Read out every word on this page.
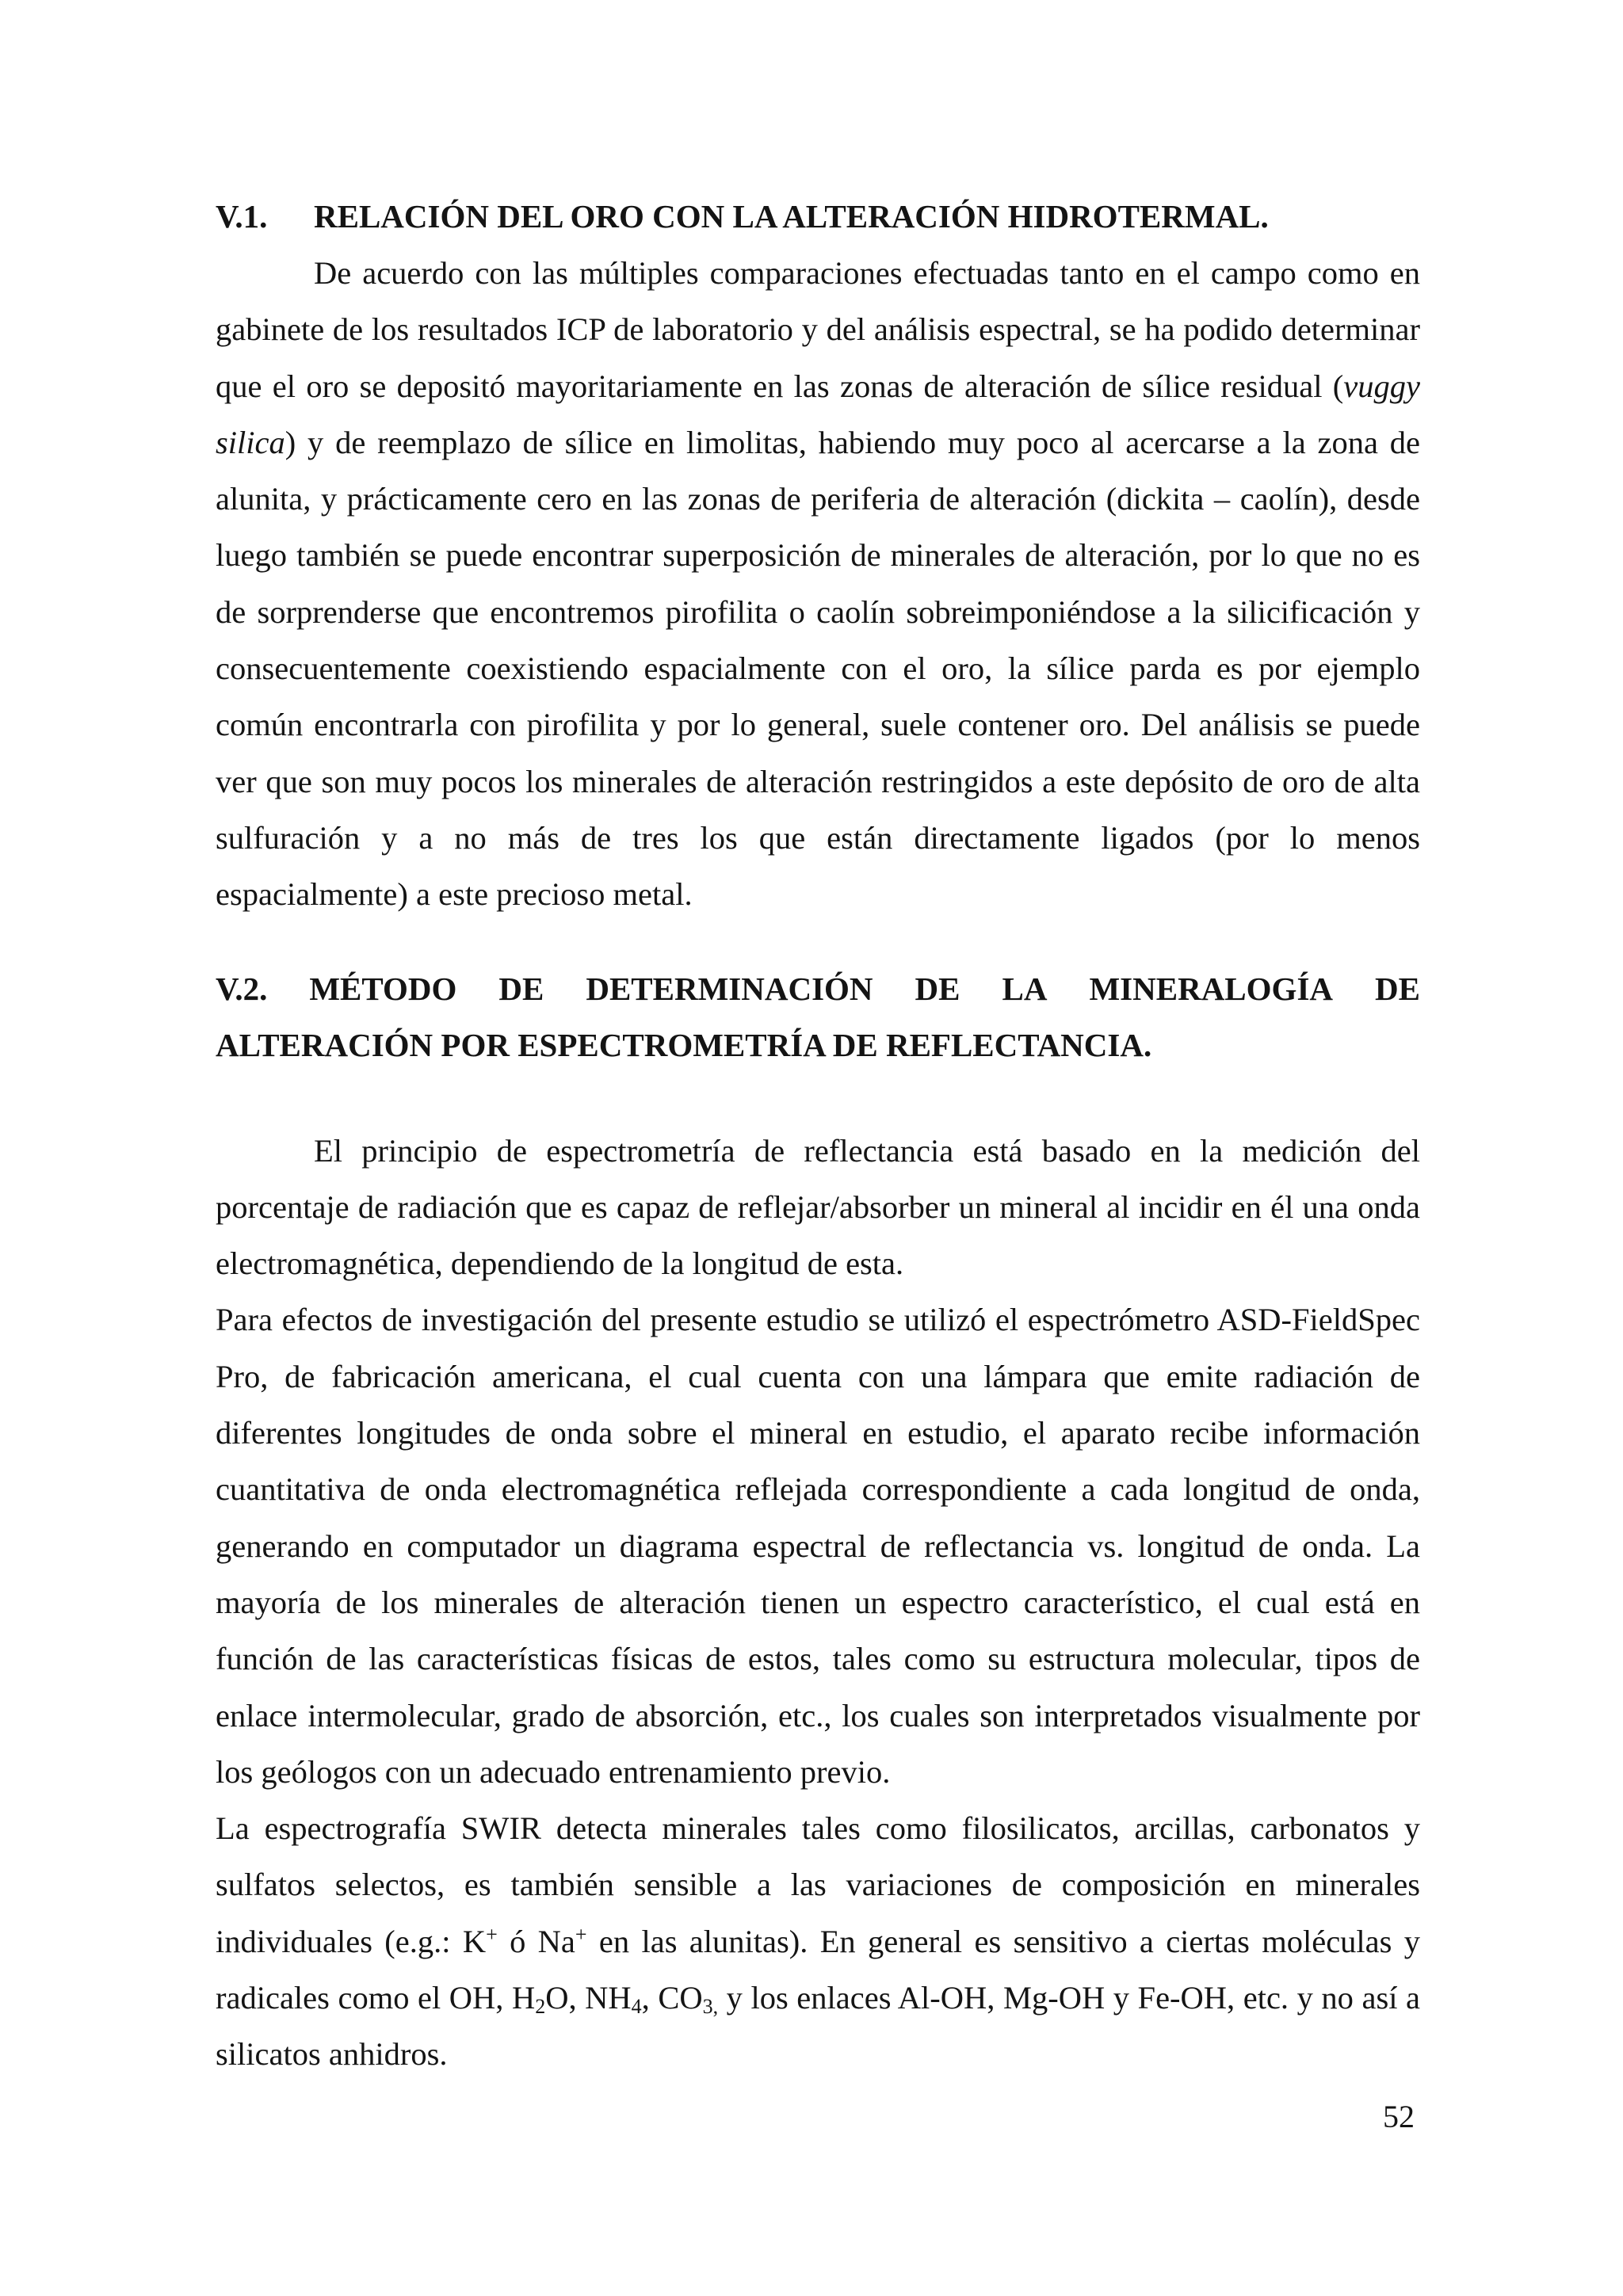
V.1.	RELACIÓN DEL ORO CON LA ALTERACIÓN HIDROTERMAL.

De acuerdo con las múltiples comparaciones efectuadas tanto en el campo como en gabinete de los resultados ICP de laboratorio y del análisis espectral, se ha podido determinar que el oro se depositó mayoritariamente en las zonas de alteración de sílice residual (vuggy silica) y de reemplazo de sílice en limolitas, habiendo muy poco al acercarse a la zona de alunita, y prácticamente cero en las zonas de periferia de alteración (dickita – caolín), desde luego también se puede encontrar superposición de minerales de alteración, por lo que no es de sorprenderse que encontremos pirofilita o caolín sobreimponiéndose a la silicificación y consecuentemente coexistiendo espacialmente con el oro, la sílice parda es por ejemplo común encontrarla con pirofilita y por lo general, suele contener oro. Del análisis se puede ver que son muy pocos los minerales de alteración restringidos a este depósito de oro de alta sulfuración y a no más de tres los que están directamente ligados (por lo menos espacialmente) a este precioso metal.

V.2. MÉTODO DE DETERMINACIÓN DE LA MINERALOGÍA DE
ALTERACIÓN POR ESPECTROMETRÍA DE REFLECTANCIA.

El principio de espectrometría de reflectancia está basado en la medición del porcentaje de radiación que es capaz de reflejar/absorber un mineral al incidir en él una onda electromagnética, dependiendo de la longitud de esta.

Para efectos de investigación del presente estudio se utilizó el espectrómetro ASD-FieldSpec Pro, de fabricación americana, el cual cuenta con una lámpara que emite radiación de diferentes longitudes de onda sobre el mineral en estudio, el aparato recibe información cuantitativa de onda electromagnética reflejada correspondiente a cada longitud de onda, generando en computador un diagrama espectral de reflectancia vs. longitud de onda. La mayoría de los minerales de alteración tienen un espectro característico, el cual está en función de las características físicas de estos, tales como su estructura molecular, tipos de enlace intermolecular, grado de absorción, etc., los cuales son interpretados visualmente por los geólogos con un adecuado entrenamiento previo.

La espectrografía SWIR detecta minerales tales como filosilicatos, arcillas, carbonatos y sulfatos selectos, es también sensible a las variaciones de composición en minerales individuales (e.g.: K+ ó Na+ en las alunitas). En general es sensitivo a ciertas moléculas y radicales como el OH, $H_2O$, $NH_4$, $CO_{3,}$ y los enlaces Al-OH, Mg-OH y Fe-OH, etc. y no así a silicatos anhidros.

52
